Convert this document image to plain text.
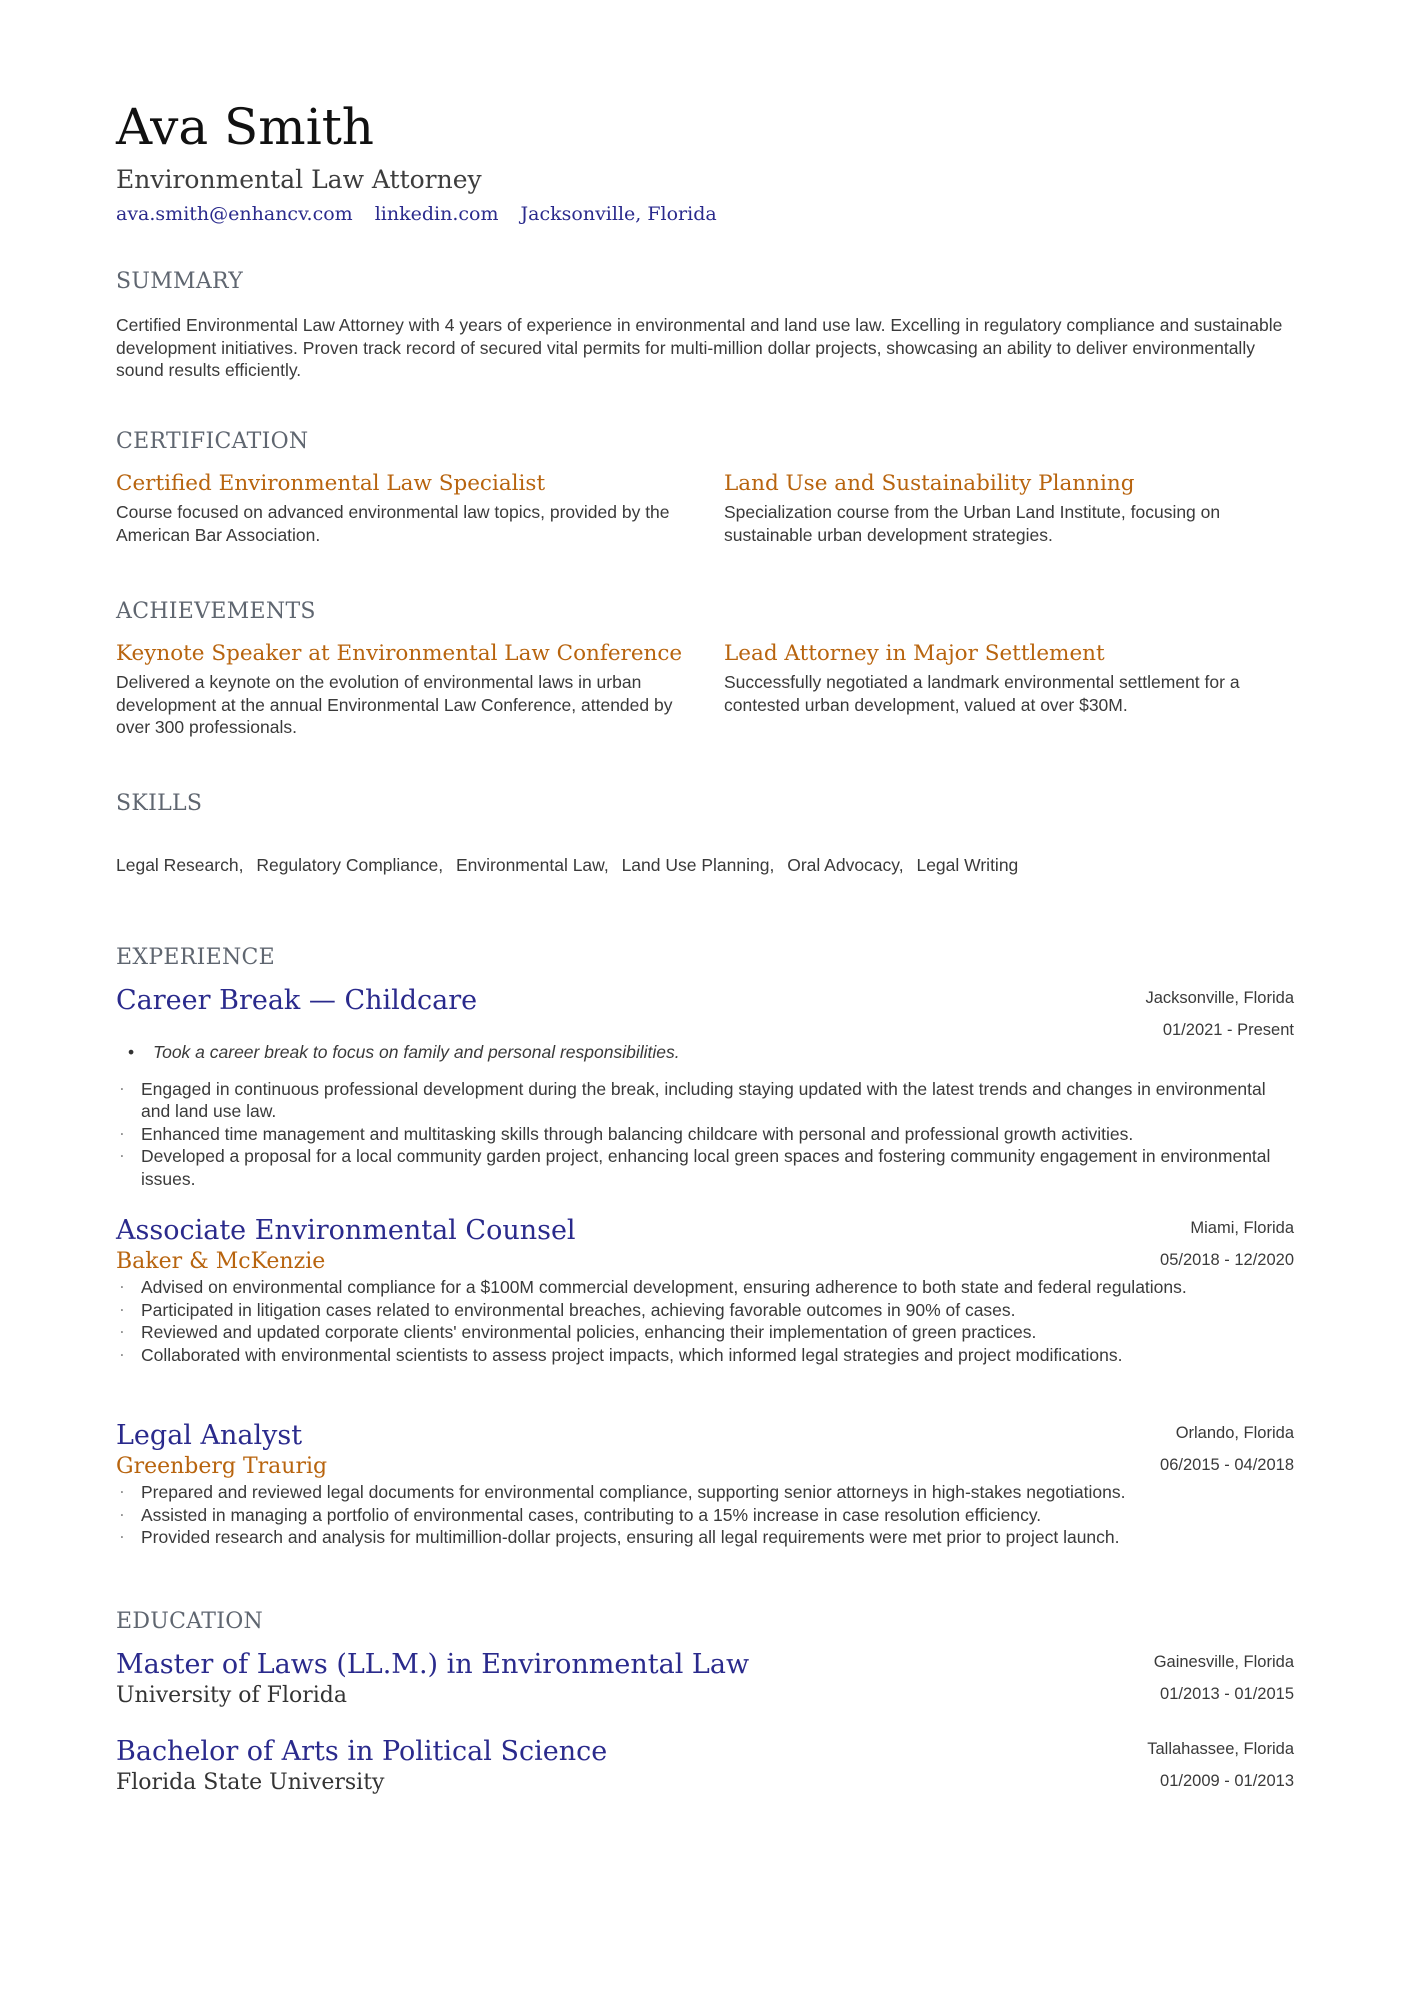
Ava Smith
Environmental Law Attorney
ava.smith@enhancv.com linkedin.com Jacksonville, Florida
SUMMARY
Certified Environmental Law Attorney with 4 years of experience in environmental and land use law. Excelling in regulatory compliance and sustainable development initiatives. Proven track record of secured vital permits for multi-million dollar projects, showcasing an ability to deliver environmentally sound results efficiently.
CERTIFICATION
Certified Environmental Law Specialist
Course focused on advanced environmental law topics, provided by the American Bar Association.
Land Use and Sustainability Planning
Specialization course from the Urban Land Institute, focusing on sustainable urban development strategies.
ACHIEVEMENTS
Keynote Speaker at Environmental Law Conference
Delivered a keynote on the evolution of environmental laws in urban development at the annual Environmental Law Conference, attended by over 300 professionals.
Lead Attorney in Major Settlement
Successfully negotiated a landmark environmental settlement for a contested urban development, valued at over $30M.
SKILLS
Legal Research, Regulatory Compliance, Environmental Law, Land Use Planning, Oral Advocacy, Legal Writing
EXPERIENCE
Career Break — Childcare	Jacksonville, Florida
01/2021 - Present
• Took a career break to focus on family and personal responsibilities.
· Engaged in continuous professional development during the break, including staying updated with the latest trends and changes in environmental and land use law.
· Enhanced time management and multitasking skills through balancing childcare with personal and professional growth activities.
· Developed a proposal for a local community garden project, enhancing local green spaces and fostering community engagement in environmental issues.
Associate Environmental Counsel
Baker & McKenzie
Miami, Florida
05/2018 - 12/2020
· Advised on environmental compliance for a $100M commercial development, ensuring adherence to both state and federal regulations.
· Participated in litigation cases related to environmental breaches, achieving favorable outcomes in 90% of cases.
· Reviewed and updated corporate clients' environmental policies, enhancing their implementation of green practices.
· Collaborated with environmental scientists to assess project impacts, which informed legal strategies and project modifications.
Legal Analyst
Greenberg Traurig
Orlando, Florida
06/2015 - 04/2018
· Prepared and reviewed legal documents for environmental compliance, supporting senior attorneys in high-stakes negotiations.
· Assisted in managing a portfolio of environmental cases, contributing to a 15% increase in case resolution efficiency.
· Provided research and analysis for multimillion-dollar projects, ensuring all legal requirements were met prior to project launch.
EDUCATION
Master of Laws (LL.M.) in Environmental Law
University of Florida
Gainesville, Florida
01/2013 - 01/2015
Bachelor of Arts in Political Science
Florida State University
Tallahassee, Florida
01/2009 - 01/2013
